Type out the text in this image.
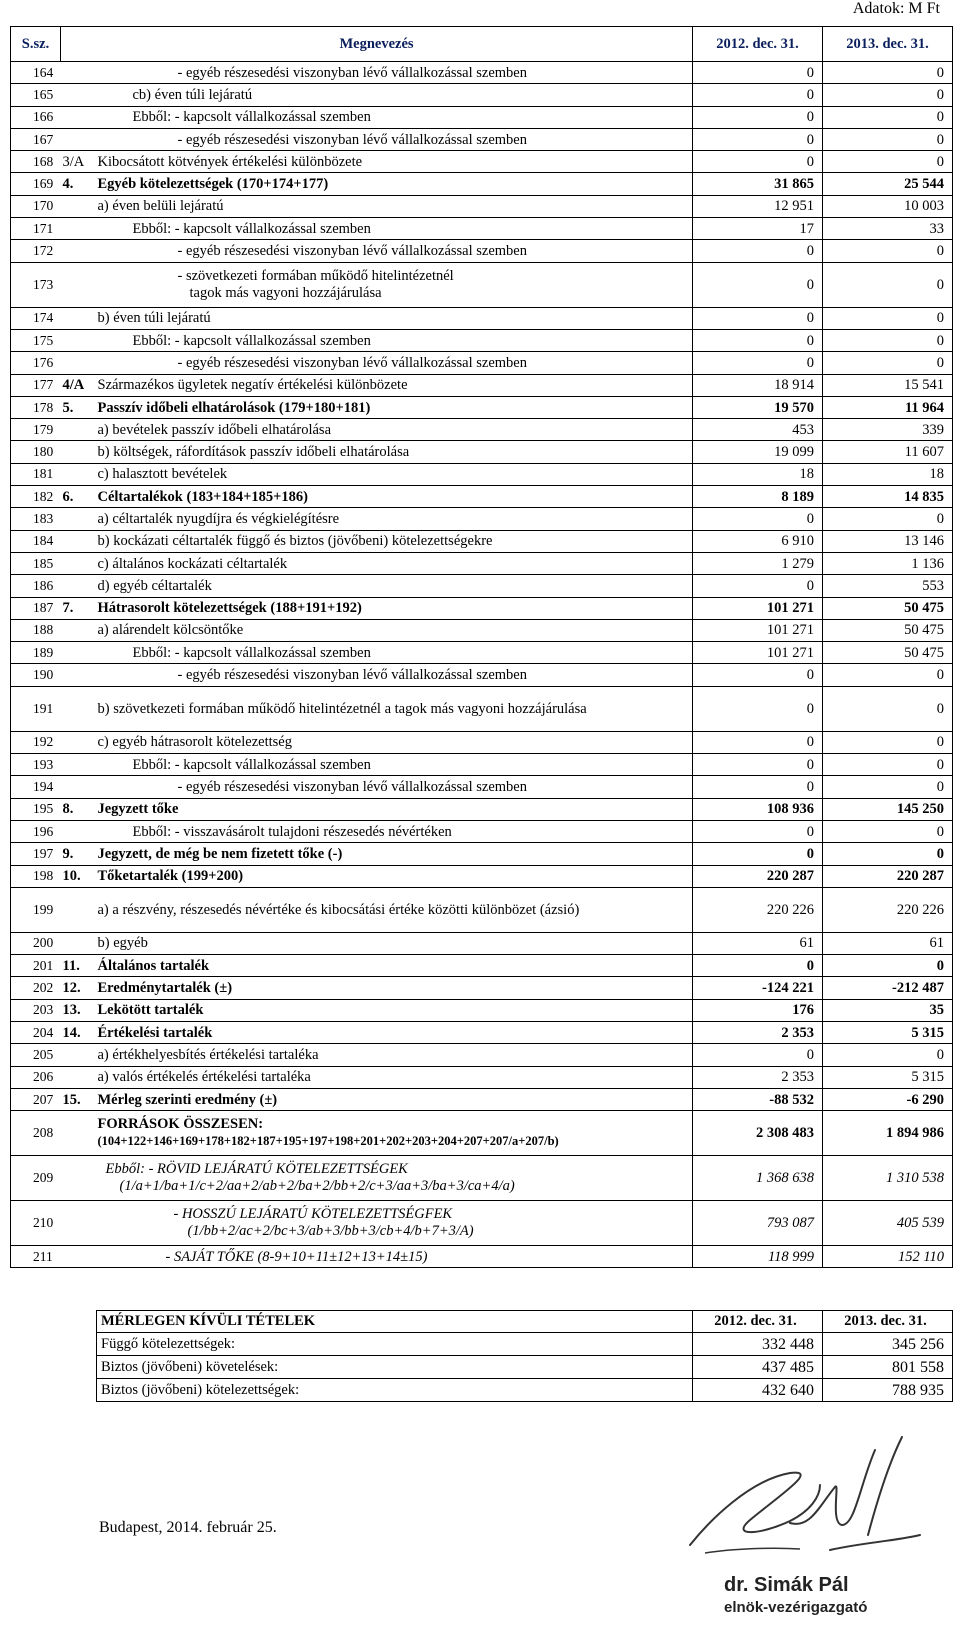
Adatok: M Ft
S.sz.	Megnevezés		2012. dec. 31.	2013. dec. 31.
164		- egyéb részesedési viszonyban lévő vállalkozással szemben	0	0
165		cb) éven túli lejáratú	0	0
166		Ebből: - kapcsolt vállalkozással szemben	0	0
167		- egyéb részesedési viszonyban lévő vállalkozással szemben	0	0
168	3/A	Kibocsátott kötvények értékelési különbözete	0	0
169	4.	Egyéb kötelezettségek (170+174+177)	31 865	25 544
170		a) éven belüli lejáratú	12 951	10 003
171		Ebből: - kapcsolt vállalkozással szemben	17	33
172		- egyéb részesedési viszonyban lévő vállalkozással szemben	0	0
173		- szövetkezeti formában működő hitelintézetnél
tagok más vagyoni hozzájárulása	0	0
174		b) éven túli lejáratú	0	0
175		Ebből: - kapcsolt vállalkozással szemben	0	0
176		- egyéb részesedési viszonyban lévő vállalkozással szemben	0	0
177	4/A	Származékos ügyletek negatív értékelési különbözete	18 914	15 541
178	5.	Passzív időbeli elhatárolások (179+180+181)	19 570	11 964
179		a) bevételek passzív időbeli elhatárolása	453	339
180		b) költségek, ráfordítások passzív időbeli elhatárolása	19 099	11 607
181		c) halasztott bevételek	18	18
182	6.	Céltartalékok (183+184+185+186)	8 189	14 835
183		a) céltartalék nyugdíjra és végkielégítésre	0	0
184		b) kockázati céltartalék függő és biztos (jövőbeni) kötelezettségekre	6 910	13 146
185		c) általános kockázati céltartalék	1 279	1 136
186		d) egyéb céltartalék	0	553
187	7.	Hátrasorolt kötelezettségek (188+191+192)	101 271	50 475
188		a) alárendelt kölcsöntőke	101 271	50 475
189		Ebből: - kapcsolt vállalkozással szemben	101 271	50 475
190		- egyéb részesedési viszonyban lévő vállalkozással szemben	0	0
191		b) szövetkezeti formában működő hitelintézetnél a tagok más vagyoni hozzájárulása	0	0
192		c) egyéb hátrasorolt kötelezettség	0	0
193		Ebből: - kapcsolt vállalkozással szemben	0	0
194		- egyéb részesedési viszonyban lévő vállalkozással szemben	0	0
195	8.	Jegyzett tőke	108 936	145 250
196		Ebből: - visszavásárolt tulajdoni részesedés névértéken	0	0
197	9.	Jegyzett, de még be nem fizetett tőke (-)	0	0
198	10.	Tőketartalék (199+200)	220 287	220 287
199		a) a részvény, részesedés névértéke és kibocsátási értéke közötti különbözet (ázsió)	220 226	220 226
200		b) egyéb	61	61
201	11.	Általános tartalék	0	0
202	12.	Eredménytartalék (±)	-124 221	-212 487
203	13.	Lekötött tartalék	176	35
204	14.	Értékelési tartalék	2 353	5 315
205		a) értékhelyesbítés értékelési tartaléka	0	0
206		a) valós értékelés értékelési tartaléka	2 353	5 315
207	15.	Mérleg szerinti eredmény (±)	-88 532	-6 290
208		FORRÁSOK ÖSSZESEN:
(104+122+146+169+178+182+187+195+197+198+201+202+203+204+207+207/a+207/b)	2 308 483	1 894 986
209		Ebből: - RÖVID LEJÁRATÚ KÖTELEZETTSÉGEK
(1/a+1/ba+1/c+2/aa+2/ab+2/ba+2/bb+2/c+3/aa+3/ba+3/ca+4/a)	1 368 638	1 310 538
210		- HOSSZÚ LEJÁRATÚ KÖTELEZETTSÉGFEK
(1/bb+2/ac+2/bc+3/ab+3/bb+3/cb+4/b+7+3/A)	793 087	405 539
211		- SAJÁT TŐKE (8-9+10+11±12+13+14±15)	118 999	152 110
MÉRLEGEN KÍVÜLI TÉTELEK	2012. dec. 31.	2013. dec. 31.
Függő kötelezettségek:	332 448	345 256
Biztos (jövőbeni) követelések:	437 485	801 558
Biztos (jövőbeni) kötelezettségek:	432 640	788 935
Budapest, 2014. február 25.
dr. Simák Pál
elnök-vezérigazgató
